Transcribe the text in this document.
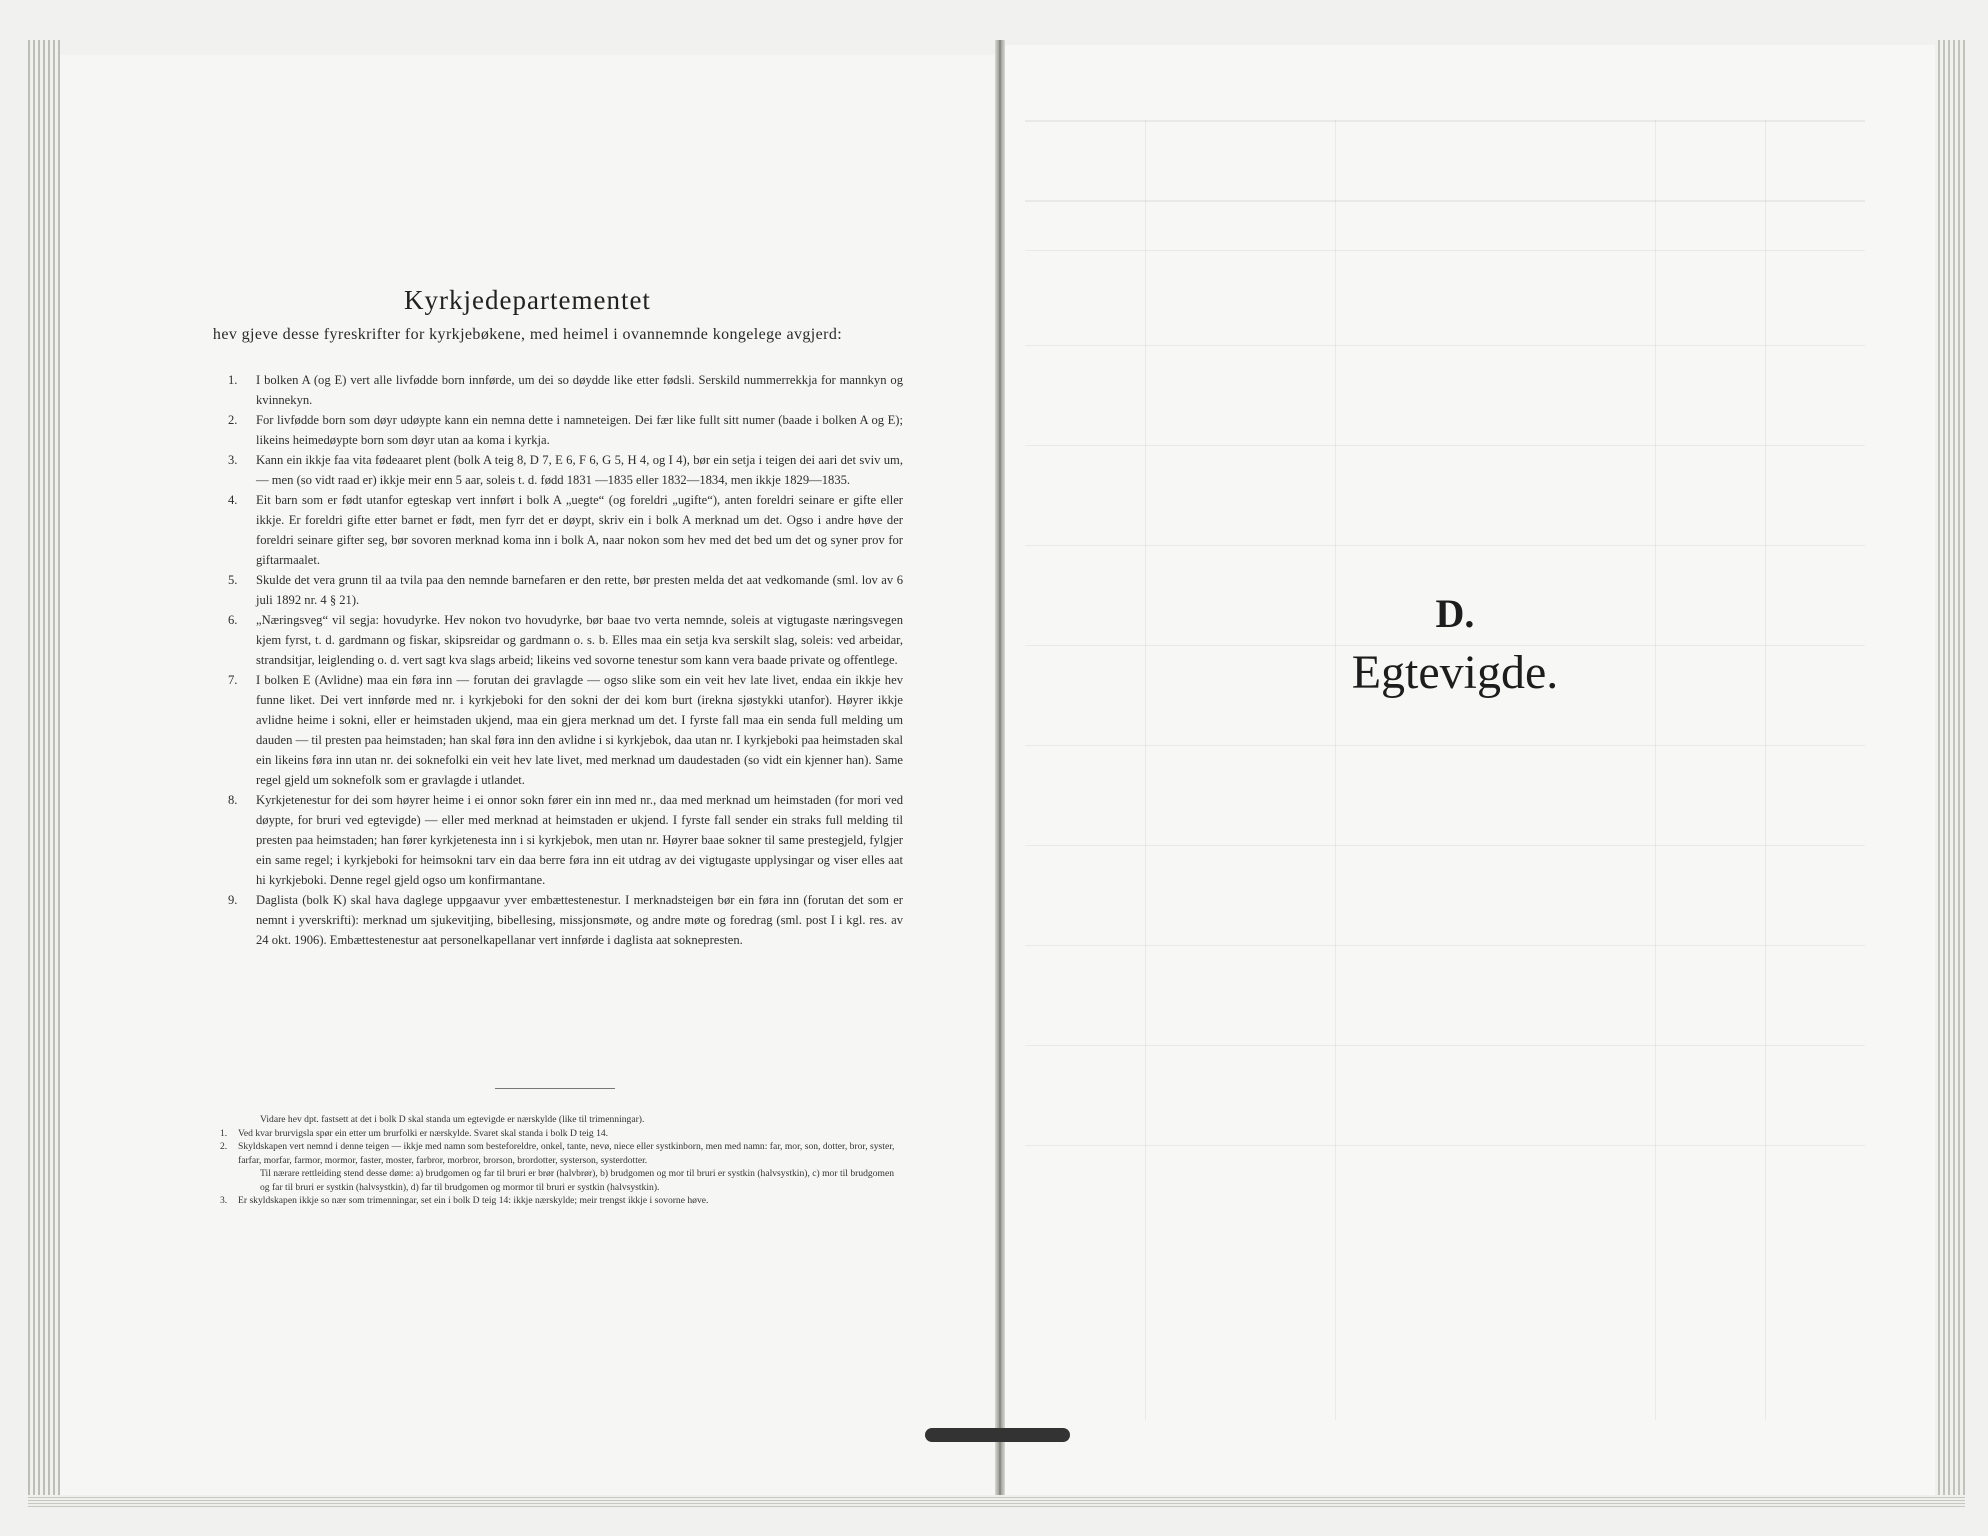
Kyrkjedepartementet
hev gjeve desse fyreskrifter for kyrkjebøkene, med heimel i ovannemnde kongelege avgjerd:
1. I bolken A (og E) vert alle livfødde born innførde, um dei so døydde like etter fødsli. Serskild nummerrekkja for mannkyn og kvinnekyn.
2. For livfødde born som døyr udøypte kann ein nemna dette i namneteigen. Dei fær like fullt sitt numer (baade i bolken A og E); likeins heimedøypte born som døyr utan aa koma i kyrkja.
3. Kann ein ikkje faa vita fødeaaret plent (bolk A teig 8, D 7, E 6, F 6, G 5, H 4, og I 4), bør ein setja i teigen dei aari det sviv um, — men (so vidt raad er) ikkje meir enn 5 aar, soleis t. d. fødd 1831 —1835 eller 1832—1834, men ikkje 1829—1835.
4. Eit barn som er født utanfor egteskap vert innført i bolk A „uegte“ (og foreldri „ugifte“), anten foreldri seinare er gifte eller ikkje. Er foreldri gifte etter barnet er født, men fyrr det er døypt, skriv ein i bolk A merknad um det. Ogso i andre høve der foreldri seinare gifter seg, bør sovoren merknad koma inn i bolk A, naar nokon som hev med det bed um det og syner prov for giftarmaalet.
5. Skulde det vera grunn til aa tvila paa den nemnde barnefaren er den rette, bør presten melda det aat vedkomande (sml. lov av 6 juli 1892 nr. 4 § 21).
6. „Næringsveg“ vil segja: hovudyrke. Hev nokon tvo hovudyrke, bør baae tvo verta nemnde, soleis at vigtugaste næringsvegen kjem fyrst, t. d. gardmann og fiskar, skipsreidar og gardmann o. s. b. Elles maa ein setja kva serskilt slag, soleis: ved arbeidar, strandsitjar, leiglending o. d. vert sagt kva slags arbeid; likeins ved sovorne tenestur som kann vera baade private og offentlege.
7. I bolken E (Avlidne) maa ein føra inn — forutan dei gravlagde — ogso slike som ein veit hev late livet, endaa ein ikkje hev funne liket. Dei vert innførde med nr. i kyrkjeboki for den sokni der dei kom burt (irekna sjøstykki utanfor). Høyrer ikkje avlidne heime i sokni, eller er heimstaden ukjend, maa ein gjera merknad um det. I fyrste fall maa ein senda full melding um dauden — til presten paa heimstaden; han skal føra inn den avlidne i si kyrkjebok, daa utan nr. I kyrkjeboki paa heimstaden skal ein likeins føra inn utan nr. dei soknefolki ein veit hev late livet, med merknad um daudestaden (so vidt ein kjenner han). Same regel gjeld um soknefolk som er gravlagde i utlandet.
8. Kyrkjetenestur for dei som høyrer heime i ei onnor sokn fører ein inn med nr., daa med merknad um heimstaden (for mori ved døypte, for bruri ved egtevigde) — eller med merknad at heimstaden er ukjend. I fyrste fall sender ein straks full melding til presten paa heimstaden; han fører kyrkjetenesta inn i si kyrkjebok, men utan nr. Høyrer baae sokner til same prestegjeld, fylgjer ein same regel; i kyrkjeboki for heimsokni tarv ein daa berre føra inn eit utdrag av dei vigtugaste upplysingar og viser elles aat hi kyrkjeboki. Denne regel gjeld ogso um konfirmantane.
9. Daglista (bolk K) skal hava daglege uppgaavur yver embættestenestur. I merknadsteigen bør ein føra inn (forutan det som er nemnt i yverskrifti): merknad um sjukevitjing, bibellesing, missjonsmøte, og andre møte og foredrag (sml. post I i kgl. res. av 24 okt. 1906). Embættestenestur aat personelkapellanar vert innførde i daglista aat soknepresten.
Vidare hev dpt. fastsett at det i bolk D skal standa um egtevigde er nærskylde (like til trimenningar).
1. Ved kvar brurvigsla spør ein etter um brurfolki er nærskylde. Svaret skal standa i bolk D teig 14.
2. Skyldskapen vert nemnd i denne teigen — ikkje med namn som besteforeldre, onkel, tante, nevø, niece eller systkinborn, men med namn: far, mor, son, dotter, bror, syster, farfar, morfar, farmor, mormor, faster, moster, farbror, morbror, brorson, brordotter, systerson, systerdotter.
Til nærare rettleiding stend desse døme: a) brudgomen og far til bruri er brør (halvbrør), b) brudgomen og mor til bruri er systkin (halvsystkin), c) mor til brudgomen og far til bruri er systkin (halvsystkin), d) far til brudgomen og mormor til bruri er systkin (halvsystkin).
3. Er skyldskapen ikkje so nær som trimenningar, set ein i bolk D teig 14: ikkje nærskylde; meir trengst ikkje i sovorne høve.
D.
Egtevigde.
